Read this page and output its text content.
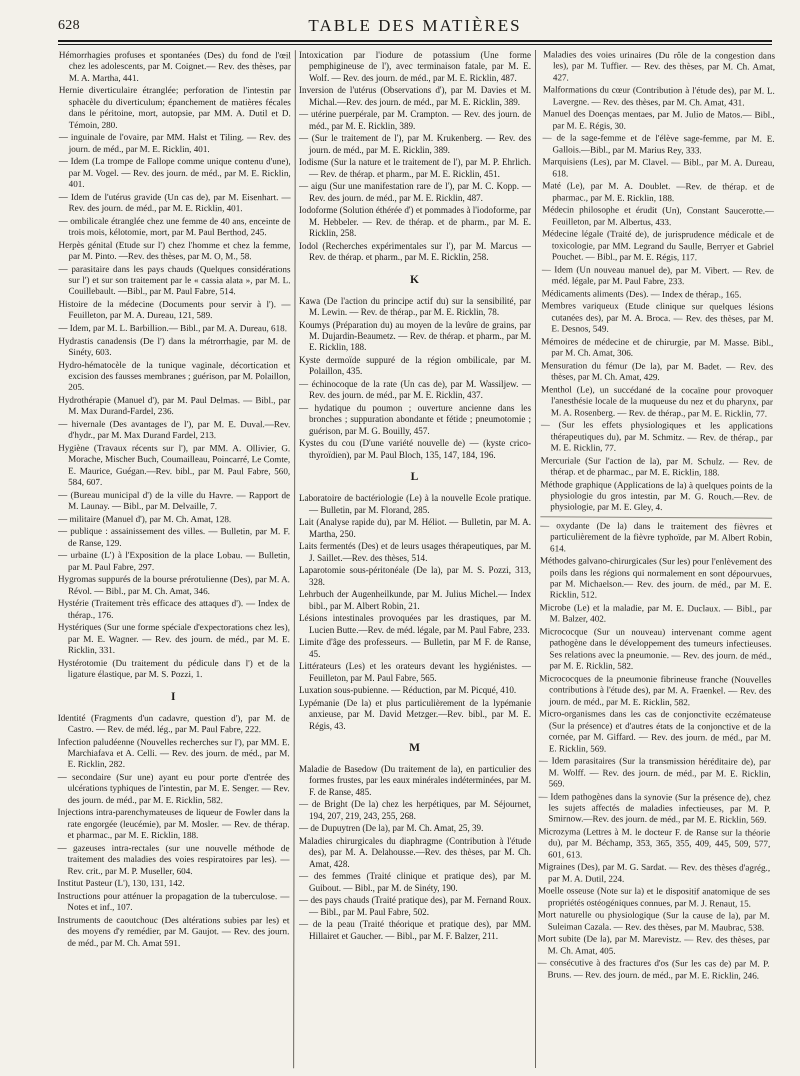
628	TABLE DES MATIÈRES

Hémorrhagies profuses et spontanées (Des) du fond de l'œil chez les adolescents, par M. Coignet.— Rev. des thèses, par M. A. Martha, 441.

Hernie diverticulaire étranglée; perforation de l'intestin par sphacèle du diverticulum; épanchement de matières fécales dans le péritoine, mort, autopsie, par MM. A. Dutil et D. Témoin, 280.

— inguinale de l'ovaire, par MM. Halst et Tiling. — Rev. des journ. de méd., par M. E. Ricklin, 401.

— Idem (La trompe de Fallope comme unique contenu d'une), par M. Vogel. — Rev. des journ. de méd., par M. E. Ricklin, 401.

— Idem de l'utérus gravide (Un cas de), par M. Eisenhart. — Rev. des journ. de méd., par M. E. Ricklin, 401.

— ombilicale étranglée chez une femme de 40 ans, enceinte de trois mois, kélotomie, mort, par M. Paul Berthod, 245.

Herpès génital (Etude sur l') chez l'homme et chez la femme, par M. Pinto. —Rev. des thèses, par M. O, M., 58.

— parasitaire dans les pays chauds (Quelques considérations sur l') et sur son traitement par le « cassia alata », par M. L. Couillebault. —Bibl., par M. Paul Fabre, 514.

Histoire de la médecine (Documents pour servir à l'). — Feuilleton, par M. A. Dureau, 121, 589.

— Idem, par M. L. Barbillion.— Bibl., par M. A. Dureau, 618.

Hydrastis canadensis (De l') dans la métrorrhagie, par M. de Sinéty, 603.

Hydro-hématocèle de la tunique vaginale, décortication et excision des fausses membranes ; guérison, par M. Polaillon, 205.

Hydrothérapie (Manuel d'), par M. Paul Delmas. — Bibl., par M. Max Durand-Fardel, 236.

— hivernale (Des avantages de l'), par M. E. Duval.—Rev. d'hydr., par M. Max Durand Fardel, 213.

Hygiène (Travaux récents sur l'), par MM. A. Ollivier, G. Morache, Mischer Buch, Coumailleau, Poincarré, Le Comte, E. Maurice, Guégan.—Rev. bibl., par M. Paul Fabre, 560, 584, 607.

— (Bureau municipal d') de la ville du Havre. — Rapport de M. Launay. — Bibl., par M. Delvaille, 7.

— militaire (Manuel d'), par M. Ch. Amat, 128.

— publique : assainissement des villes. — Bulletin, par M. F. de Ranse, 129.

— urbaine (L') à l'Exposition de la place Lobau. — Bulletin, par M. Paul Fabre, 297.

Hygromas suppurés de la bourse prérotulienne (Des), par M. A. Révol. — Bibl., par M. Ch. Amat, 346.

Hystérie (Traitement très efficace des attaques d'). — Index de thérap., 176.

Hystériques (Sur une forme spéciale d'expectorations chez les), par M. E. Wagner. — Rev. des journ. de méd., par M. E. Ricklin, 331.

Hystérotomie (Du traitement du pédicule dans l') et de la ligature élastique, par M. S. Pozzi, 1.

I

Identité (Fragments d'un cadavre, question d'), par M. de Castro. — Rev. de méd. lég., par M. Paul Fabre, 222.

Infection paludéenne (Nouvelles recherches sur l'), par MM. E. Marchiafava et A. Celli. — Rev. des journ. de méd., par M. E. Ricklin, 282.

— secondaire (Sur une) ayant eu pour porte d'entrée des ulcérations typhiques de l'intestin, par M. E. Senger. — Rev. des journ. de méd., par M. E. Ricklin, 582.

Injections intra-parenchymateuses de liqueur de Fowler dans la rate engorgée (leucémie), par M. Mosler. — Rev. de thérap. et pharmac., par M. E. Ricklin, 188.

— gazeuses intra-rectales (sur une nouvelle méthode de traitement des maladies des voies respiratoires par les). — Rev. crit., par M. P. Museller, 604.

Institut Pasteur (L'), 130, 131, 142.

Instructions pour atténuer la propagation de la tuberculose. — Notes et inf., 107.

Instruments de caoutchouc (Des altérations subies par les) et des moyens d'y remédier, par M. Gaujot. — Rev. des journ. de méd., par M. Ch. Amat 591.

Intoxication par l'iodure de potassium (Une forme pemphigineuse de l'), avec terminaison fatale, par M. E. Wolf. — Rev. des journ. de méd., par M. E. Ricklin, 487.

Inversion de l'utérus (Observations d'), par M. Davies et M. Michal.—Rev. des journ. de méd., par M. E. Ricklin, 389.

— utérine puerpérale, par M. Crampton. — Rev. des journ. de méd., par M. E. Ricklin, 389.

— (Sur le traitement de l'), par M. Krukenberg. — Rev. des journ. de méd., par M. E. Ricklin, 389.

Iodisme (Sur la nature et le traitement de l'), par M. P. Ehrlich. — Rev. de thérap. et pharm., par M. E. Ricklin, 451.

— aigu (Sur une manifestation rare de l'), par M. C. Kopp. — Rev. des journ. de méd., par M. E. Ricklin, 487.

Iodoforme (Solution éthérée d') et pommades à l'iodoforme, par M. Hebbeler. — Rev. de thérap. et de pharm., par M. E. Ricklin, 258.

Iodol (Recherches expérimentales sur l'), par M. Marcus — Rev. de thérap. et pharm., par M. E. Ricklin, 258.

K

Kawa (De l'action du principe actif du) sur la sensibilité, par M. Lewin. — Rev. de thérap., par M. E. Ricklin, 78.

Koumys (Préparation du) au moyen de la levûre de grains, par M. Dujardin-Beaumetz. — Rev. de thérap. et pharm., par M. E. Ricklin, 188.

Kyste dermoïde suppuré de la région ombilicale, par M. Polaillon, 435.

— échinocoque de la rate (Un cas de), par M. Wassiljew. — Rev. des journ. de méd., par M. E. Ricklin, 437.

— hydatique du poumon ; ouverture ancienne dans les bronches ; suppuration abondante et fétide ; pneumotomie ; guérison, par M. G. Bouilly, 457.

Kystes du cou (D'une variété nouvelle de) — (kyste crico-thyroïdien), par M. Paul Bloch, 135, 147, 184, 196.

L

Laboratoire de bactériologie (Le) à la nouvelle Ecole pratique. — Bulletin, par M. Florand, 285.

Lait (Analyse rapide du), par M. Héliot. — Bulletin, par M. A. Martha, 250.

Laits fermentés (Des) et de leurs usages thérapeutiques, par M. J. Saillet.—Rev. des thèses, 514.

Laparotomie sous-péritonéale (De la), par M. S. Pozzi, 313, 328.

Lehrbuch der Augenheilkunde, par M. Julius Michel.— Index bibl., par M. Albert Robin, 21.

Lésions intestinales provoquées par les drastiques, par M. Lucien Butte.—Rev. de méd. légale, par M. Paul Fabre, 233.

Limite d'âge des professeurs. — Bulletin, par M F. de Ranse, 45.

Littérateurs (Les) et les orateurs devant les hygiénistes. — Feuilleton, par M. Paul Fabre, 565.

Luxation sous-pubienne. — Réduction, par M. Picqué, 410.

Lypémanie (De la) et plus particulièrement de la lypémanie anxieuse, par M. David Metzger.—Rev. bibl., par M. E. Régis, 43.

M

Maladie de Basedow (Du traitement de la), en particulier des formes frustes, par les eaux minérales indéterminées, par M. F. de Ranse, 485.

— de Bright (De la) chez les herpétiques, par M. Séjournet, 194, 207, 219, 243, 255, 268.

— de Dupuytren (De la), par M. Ch. Amat, 25, 39.

Maladies chirurgicales du diaphragme (Contribution à l'étude des), par M. A. Delahousse.—Rev. des thèses, par M. Ch. Amat, 428.

— des femmes (Traité clinique et pratique des), par M. Guibout. — Bibl., par M. de Sinéty, 190.

— des pays chauds (Traité pratique des), par M. Fernand Roux. — Bibl., par M. Paul Fabre, 502.

— de la peau (Traité théorique et pratique des), par MM. Hillairet et Gaucher. — Bibl., par M. F. Balzer, 211.

Maladies des voies urinaires (Du rôle de la congestion dans les), par M. Tuffier. — Rev. des thèses, par M. Ch. Amat, 427.

Malformations du cœur (Contribution à l'étude des), par M. L. Lavergne. — Rev. des thèses, par M. Ch. Amat, 431.

Manuel des Doenças mentaes, par M. Julio de Matos.— Bibl., par M. E. Régis, 30.

— de la sage-femme et de l'élève sage-femme, par M. E. Gallois.—Bibl., par M. Marius Rey, 333.

Marquisiens (Les), par M. Clavel. — Bibl., par M. A. Dureau, 618.

Maté (Le), par M. A. Doublet. —Rev. de thérap. et de pharmac., par M. E. Ricklin, 188.

Médecin philosophe et érudit (Un), Constant Saucerotte.— Feuilleton, par M. Albertus, 433.

Médecine légale (Traité de), de jurisprudence médicale et de toxicologie, par MM. Legrand du Saulle, Berryer et Gabriel Pouchet. — Bibl., par M. E. Régis, 117.

— Idem (Un nouveau manuel de), par M. Vibert. — Rev. de méd. légale, par M. Paul Fabre, 233.

Médicaments aliments (Des). — Index de thérap., 165.

Membres variqueux (Etude clinique sur quelques lésions cutanées des), par M. A. Broca. — Rev. des thèses, par M. E. Desnos, 549.

Mémoires de médecine et de chirurgie, par M. Masse. Bibl., par M. Ch. Amat, 306.

Mensuration du fémur (De la), par M. Badet. — Rev. des thèses, par M. Ch. Amat, 429.

Menthol (Le), un succédané de la cocaïne pour provoquer l'anesthésie locale de la muqueuse du nez et du pharynx, par M. A. Rosenberg. — Rev. de thérap., par M. E. Ricklin, 77.

— (Sur les effets physiologiques et les applications thérapeutiques du), par M. Schmitz. — Rev. de thérap., par M. E. Ricklin, 77.

Mercuriale (Sur l'action de la), par M. Schulz. — Rev. de thérap. et de pharmac., par M. E. Ricklin, 188.

Méthode graphique (Applications de la) à quelques points de la physiologie du gros intestin, par M. G. Rouch.—Rev. de physiologie, par M. E. Gley, 4.

— oxydante (De la) dans le traitement des fièvres et particulièrement de la fièvre typhoïde, par M. Albert Robin, 614.

Méthodes galvano-chirurgicales (Sur les) pour l'enlèvement des poils dans les régions qui normalement en sont dépourvues, par M. Michaelson.— Rev. des journ. de méd., par M. E. Ricklin, 512.

Microbe (Le) et la maladie, par M. E. Duclaux. — Bibl., par M. Balzer, 402.

Micrococque (Sur un nouveau) intervenant comme agent pathogène dans le développement des tumeurs infectieuses. Ses relations avec la pneumonie. — Rev. des journ. de méd., par M. E. Ricklin, 582.

Micrococques de la pneumonie fibrineuse franche (Nouvelles contributions à l'étude des), par M. A. Fraenkel. — Rev. des journ. de méd., par M. E. Ricklin, 582.

Micro-organismes dans les cas de conjonctivite eczémateuse (Sur la présence) et d'autres états de la conjonctive et de la cornée, par M. Giffard. — Rev. des journ. de méd., par M. E. Ricklin, 569.

— Idem parasitaires (Sur la transmission héréditaire de), par M. Wolff. — Rev. des journ. de méd., par M. E. Ricklin, 569.

— Idem pathogènes dans la synovie (Sur la présence de), chez les sujets affectés de maladies infectieuses, par M. P. Smirnow.—Rev. des journ. de méd., par M. E. Ricklin, 569.

Microzyma (Lettres à M. le docteur F. de Ranse sur la théorie du), par M. Béchamp, 353, 365, 355, 409, 445, 509, 577, 601, 613.

Migraines (Des), par M. G. Sardat. — Rev. des thèses d'agrég., par M. A. Dutil, 224.

Moelle osseuse (Note sur la) et le dispositif anatomique de ses propriétés ostéogéniques connues, par M. J. Renaut, 15.

Mort naturelle ou physiologique (Sur la cause de la), par M. Suleiman Cazala. — Rev. des thèses, par M. Maubrac, 538.

Mort subite (De la), par M. Marevistz. — Rev. des thèses, par M. Ch. Amat, 405.

— consécutive à des fractures d'os (Sur les cas de) par M. P. Bruns. — Rev. des journ. de méd., par M. E. Ricklin, 246.
